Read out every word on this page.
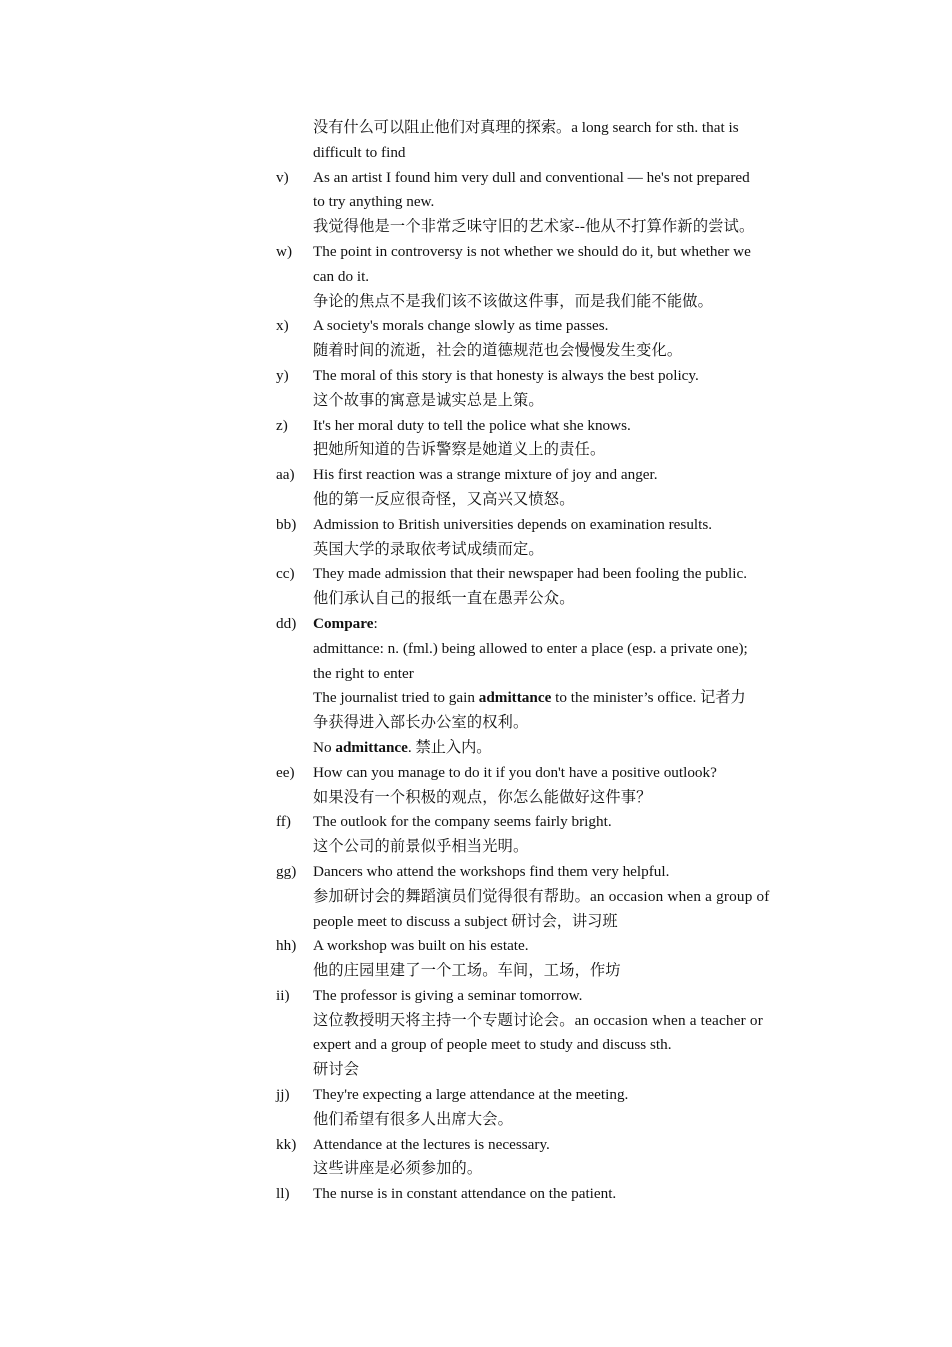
没有什么可以阻止他们对真理的探索。a long search for sth. that is
difficult to find
v)	As an artist I found him very dull and conventional — he's not prepared
to try anything new.
我觉得他是一个非常乏味守旧的艺术家--他从不打算作新的尝试。
w)	The point in controversy is not whether we should do it, but whether we
can do it.
争论的焦点不是我们该不该做这件事，而是我们能不能做。
x)	A society's morals change slowly as time passes.
随着时间的流逝，社会的道德规范也会慢慢发生变化。
y)	The moral of this story is that honesty is always the best policy.
这个故事的寓意是诚实总是上策。
z)	It's her moral duty to tell the police what she knows.
把她所知道的告诉警察是她道义上的责任。
aa)	His first reaction was a strange mixture of joy and anger.
他的第一反应很奇怪，又高兴又愤怒。
bb)	Admission to British universities depends on examination results.
英国大学的录取依考试成绩而定。
cc)	They made admission that their newspaper had been fooling the public.
他们承认自己的报纸一直在愚弄公众。
dd)	Compare:
admittance: n. (fml.) being allowed to enter a place (esp. a private one);
the right to enter
The journalist tried to gain admittance to the minister’s office. 记者力
争获得进入部长办公室的权利。
No admittance. 禁止入内。
ee)	How can you manage to do it if you don't have a positive outlook?
如果没有一个积极的观点，你怎么能做好这件事？
ff)	The outlook for the company seems fairly bright.
这个公司的前景似乎相当光明。
gg)	Dancers who attend the workshops find them very helpful.
参加研讨会的舞蹈演员们觉得很有帮助。an occasion when a group of
people meet to discuss a subject 研讨会，讲习班
hh)	A workshop was built on his estate.
他的庄园里建了一个工场。车间，工场，作坊
ii)	The professor is giving a seminar tomorrow.
这位教授明天将主持一个专题讨论会。an occasion when a teacher or
expert and a group of people meet to study and discuss sth.
研讨会
jj)	They're expecting a large attendance at the meeting.
他们希望有很多人出席大会。
kk)	Attendance at the lectures is necessary.
这些讲座是必须参加的。
ll)	The nurse is in constant attendance on the patient.
